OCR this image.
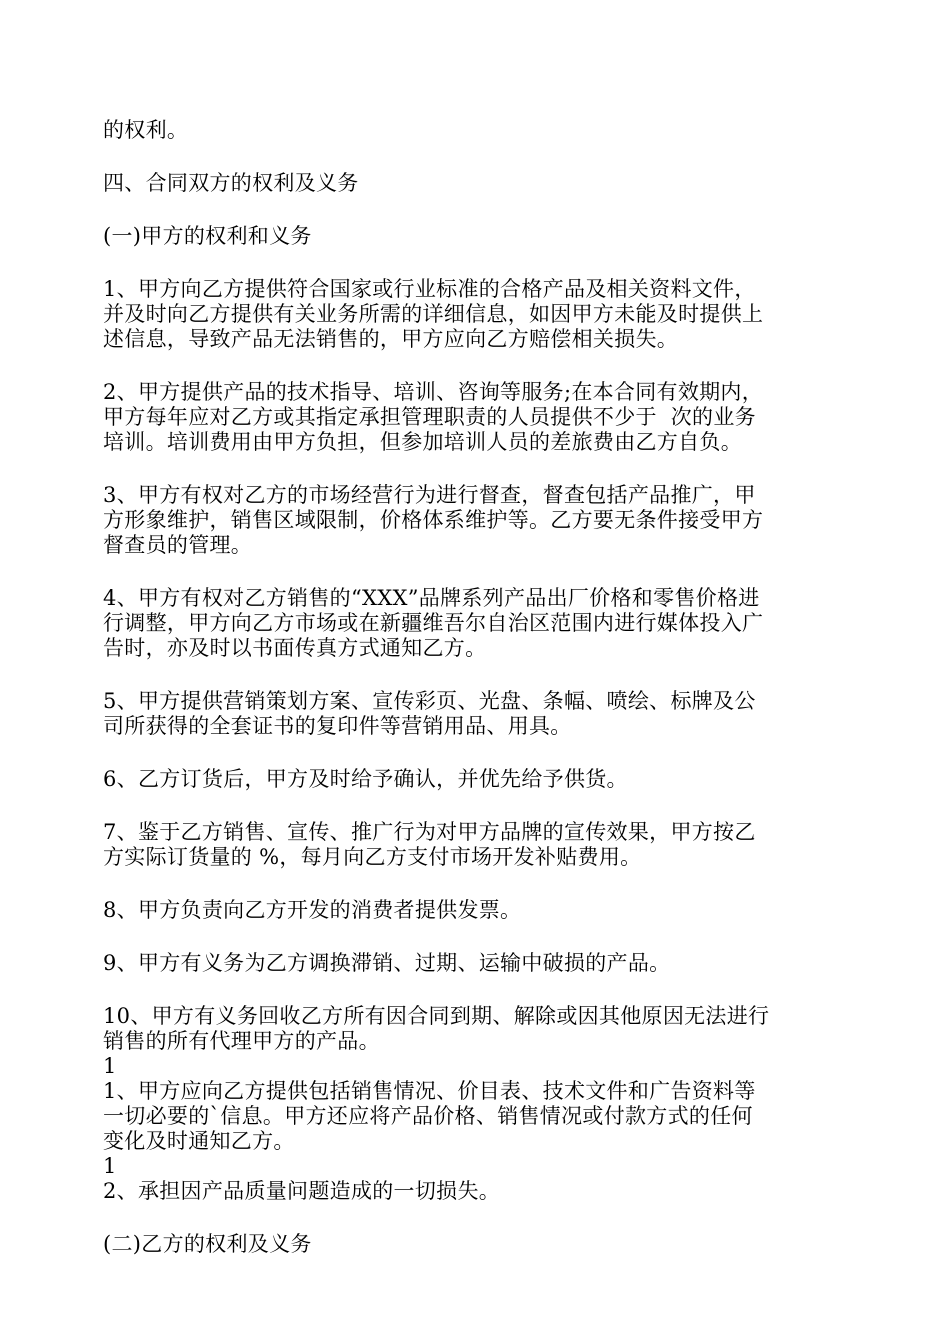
的权利。

四、合同双方的权利及义务

(一)甲方的权利和义务

1、甲方向乙方提供符合国家或行业标准的合格产品及相关资料文件，
并及时向乙方提供有关业务所需的详细信息，如因甲方未能及时提供上
述信息，导致产品无法销售的，甲方应向乙方赔偿相关损失。

2、甲方提供产品的技术指导、培训、咨询等服务;在本合同有效期内，
甲方每年应对乙方或其指定承担管理职责的人员提供不少于  次的业务
培训。培训费用由甲方负担，但参加培训人员的差旅费由乙方自负。

3、甲方有权对乙方的市场经营行为进行督查，督查包括产品推广，甲
方形象维护，销售区域限制，价格体系维护等。乙方要无条件接受甲方
督查员的管理。

4、甲方有权对乙方销售的“XXX”品牌系列产品出厂价格和零售价格进
行调整，甲方向乙方市场或在新疆维吾尔自治区范围内进行媒体投入广
告时，亦及时以书面传真方式通知乙方。

5、甲方提供营销策划方案、宣传彩页、光盘、条幅、喷绘、标牌及公
司所获得的全套证书的复印件等营销用品、用具。

6、乙方订货后，甲方及时给予确认，并优先给予供货。

7、鉴于乙方销售、宣传、推广行为对甲方品牌的宣传效果，甲方按乙
方实际订货量的 %，每月向乙方支付市场开发补贴费用。

8、甲方负责向乙方开发的消费者提供发票。

9、甲方有义务为乙方调换滞销、过期、运输中破损的产品。

10、甲方有义务回收乙方所有因合同到期、解除或因其他原因无法进行
销售的所有代理甲方的产品。

1
1、甲方应向乙方提供包括销售情况、价目表、技术文件和广告资料等
一切必要的`信息。甲方还应将产品价格、销售情况或付款方式的任何
变化及时通知乙方。

1
2、承担因产品质量问题造成的一切损失。

(二)乙方的权利及义务
